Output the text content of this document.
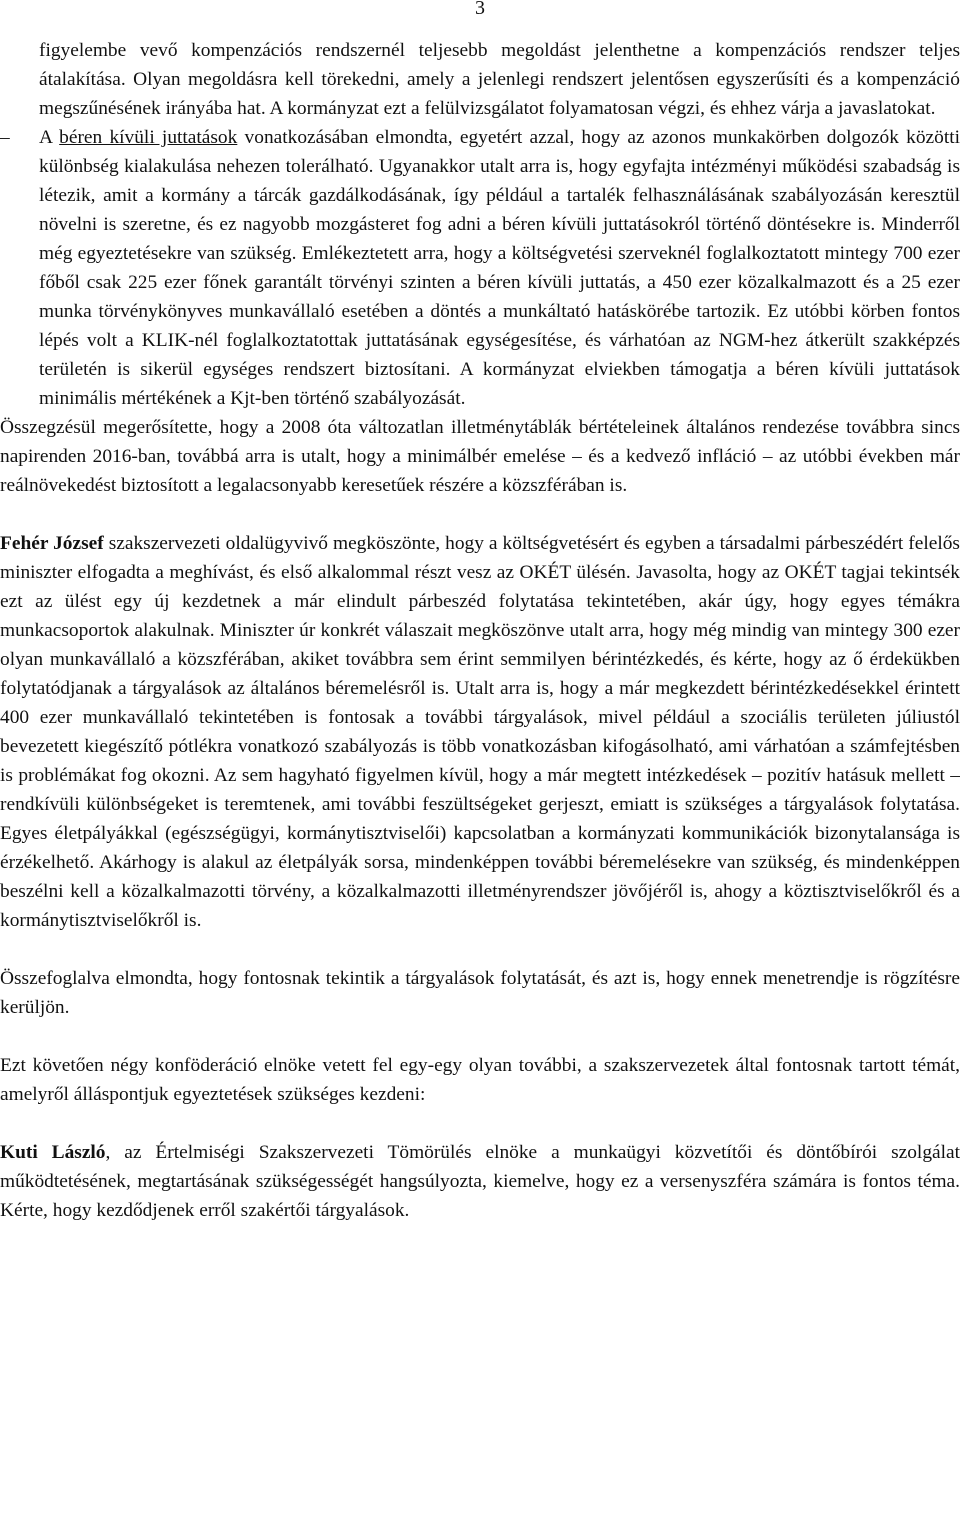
3

figyelembe vevő kompenzációs rendszernél teljesebb megoldást jelenthetne a kompenzációs rendszer teljes átalakítása. Olyan megoldásra kell törekedni, amely a jelenlegi rendszert jelentősen egyszerűsíti és a kompenzáció megszűnésének irányába hat. A kormányzat ezt a felülvizsgálatot folyamatosan végzi, és ehhez várja a javaslatokat.

–	A béren kívüli juttatások vonatkozásában elmondta, egyetért azzal, hogy az azonos munkakörben dolgozók közötti különbség kialakulása nehezen tolerálható. Ugyanakkor utalt arra is, hogy egyfajta intézményi működési szabadság is létezik, amit a kormány a tárcák gazdálkodásának, így például a tartalék felhasználásának szabályozásán keresztül növelni is szeretne, és ez nagyobb mozgásteret fog adni a béren kívüli juttatásokról történő döntésekre is. Minderről még egyeztetésekre van szükség. Emlékeztetett arra, hogy a költségvetési szerveknél foglalkoztatott mintegy 700 ezer főből csak 225 ezer főnek garantált törvényi szinten a béren kívüli juttatás, a 450 ezer közalkalmazott és a 25 ezer munka törvénykönyves munkavállaló esetében a döntés a munkáltató hatáskörébe tartozik. Ez utóbbi körben fontos lépés volt a KLIK-nél foglalkoztatottak juttatásának egységesítése, és várhatóan az NGM-hez átkerült szakképzés területén is sikerül egységes rendszert biztosítani. A kormányzat elviekben támogatja a béren kívüli juttatások minimális mértékének a Kjt-ben történő szabályozását.

Összegzésül megerősítette, hogy a 2008 óta változatlan illetménytáblák bértételeinek általános rendezése továbbra sincs napirenden 2016-ban, továbbá arra is utalt, hogy a minimálbér emelése – és a kedvező infláció – az utóbbi években már reálnövekedést biztosított a legalacsonyabb keresetűek részére a közszférában is.

Fehér József szakszervezeti oldalügyvivő megköszönte, hogy a költségvetésért és egyben a társadalmi párbeszédért felelős miniszter elfogadta a meghívást, és első alkalommal részt vesz az OKÉT ülésén. Javasolta, hogy az OKÉT tagjai tekintsék ezt az ülést egy új kezdetnek a már elindult párbeszéd folytatása tekintetében, akár úgy, hogy egyes témákra munkacsoportok alakulnak. Miniszter úr konkrét válaszait megköszönve utalt arra, hogy még mindig van mintegy 300 ezer olyan munkavállaló a közszférában, akiket továbbra sem érint semmilyen bérintézkedés, és kérte, hogy az ő érdekükben folytatódjanak a tárgyalások az általános béremelésről is. Utalt arra is, hogy a már megkezdett bérintézkedésekkel érintett 400 ezer munkavállaló tekintetében is fontosak a további tárgyalások, mivel például a szociális területen júliustól bevezetett kiegészítő pótlékra vonatkozó szabályozás is több vonatkozásban kifogásolható, ami várhatóan a számfejtésben is problémákat fog okozni. Az sem hagyható figyelmen kívül, hogy a már megtett intézkedések – pozitív hatásuk mellett – rendkívüli különbségeket is teremtenek, ami további feszültségeket gerjeszt, emiatt is szükséges a tárgyalások folytatása. Egyes életpályákkal (egészségügyi, kormánytisztviselői) kapcsolatban a kormányzati kommunikációk bizonytalansága is érzékelhető. Akárhogy is alakul az életpályák sorsa, mindenképpen további béremelésekre van szükség, és mindenképpen beszélni kell a közalkalmazotti törvény, a közalkalmazotti illetményrendszer jövőjéről is, ahogy a köztisztviselőkről és a kormánytisztviselőkről is.

Összefoglalva elmondta, hogy fontosnak tekintik a tárgyalások folytatását, és azt is, hogy ennek menetrendje is rögzítésre kerüljön.

Ezt követően négy konföderáció elnöke vetett fel egy-egy olyan további, a szakszervezetek által fontosnak tartott témát, amelyről álláspontjuk egyeztetések szükséges kezdeni:

Kuti László, az Értelmiségi Szakszervezeti Tömörülés elnöke a munkaügyi közvetítői és döntőbírói szolgálat működtetésének, megtartásának szükségességét hangsúlyozta, kiemelve, hogy ez a versenyszféra számára is fontos téma. Kérte, hogy kezdődjenek erről szakértői tárgyalások.
